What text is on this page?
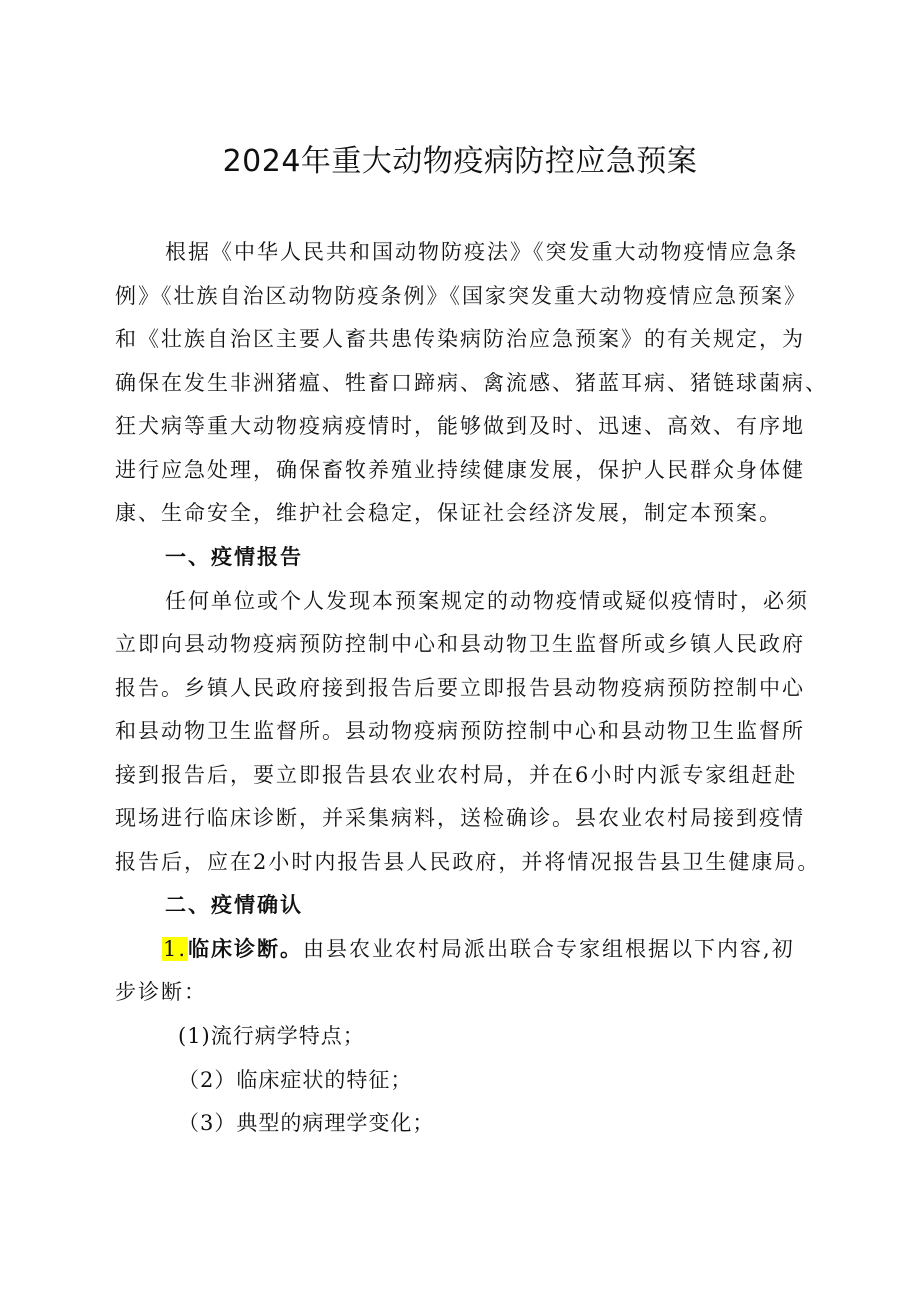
2024年重大动物疫病防控应急预案
根据《中华人民共和国动物防疫法》《突发重大动物疫情应急条
例》《壮族自治区动物防疫条例》《国家突发重大动物疫情应急预案》
和《壮族自治区主要人畜共患传染病防治应急预案》的有关规定，为
确保在发生非洲猪瘟、牲畜口蹄病、禽流感、猪蓝耳病、猪链球菌病、
狂犬病等重大动物疫病疫情时，能够做到及时、迅速、高效、有序地
进行应急处理，确保畜牧养殖业持续健康发展，保护人民群众身体健
康、生命安全，维护社会稳定，保证社会经济发展，制定本预案。
一、疫情报告
任何单位或个人发现本预案规定的动物疫情或疑似疫情时，必须
立即向县动物疫病预防控制中心和县动物卫生监督所或乡镇人民政府
报告。乡镇人民政府接到报告后要立即报告县动物疫病预防控制中心
和县动物卫生监督所。县动物疫病预防控制中心和县动物卫生监督所
接到报告后，要立即报告县农业农村局，并在6小时内派专家组赶赴
现场进行临床诊断，并采集病料，送检确诊。县农业农村局接到疫情
报告后，应在2小时内报告县人民政府，并将情况报告县卫生健康局。
二、疫情确认
1.临床诊断。由县农业农村局派出联合专家组根据以下内容,初
步诊断：
(1)流行病学特点；
（2）临床症状的特征；
（3）典型的病理学变化；
